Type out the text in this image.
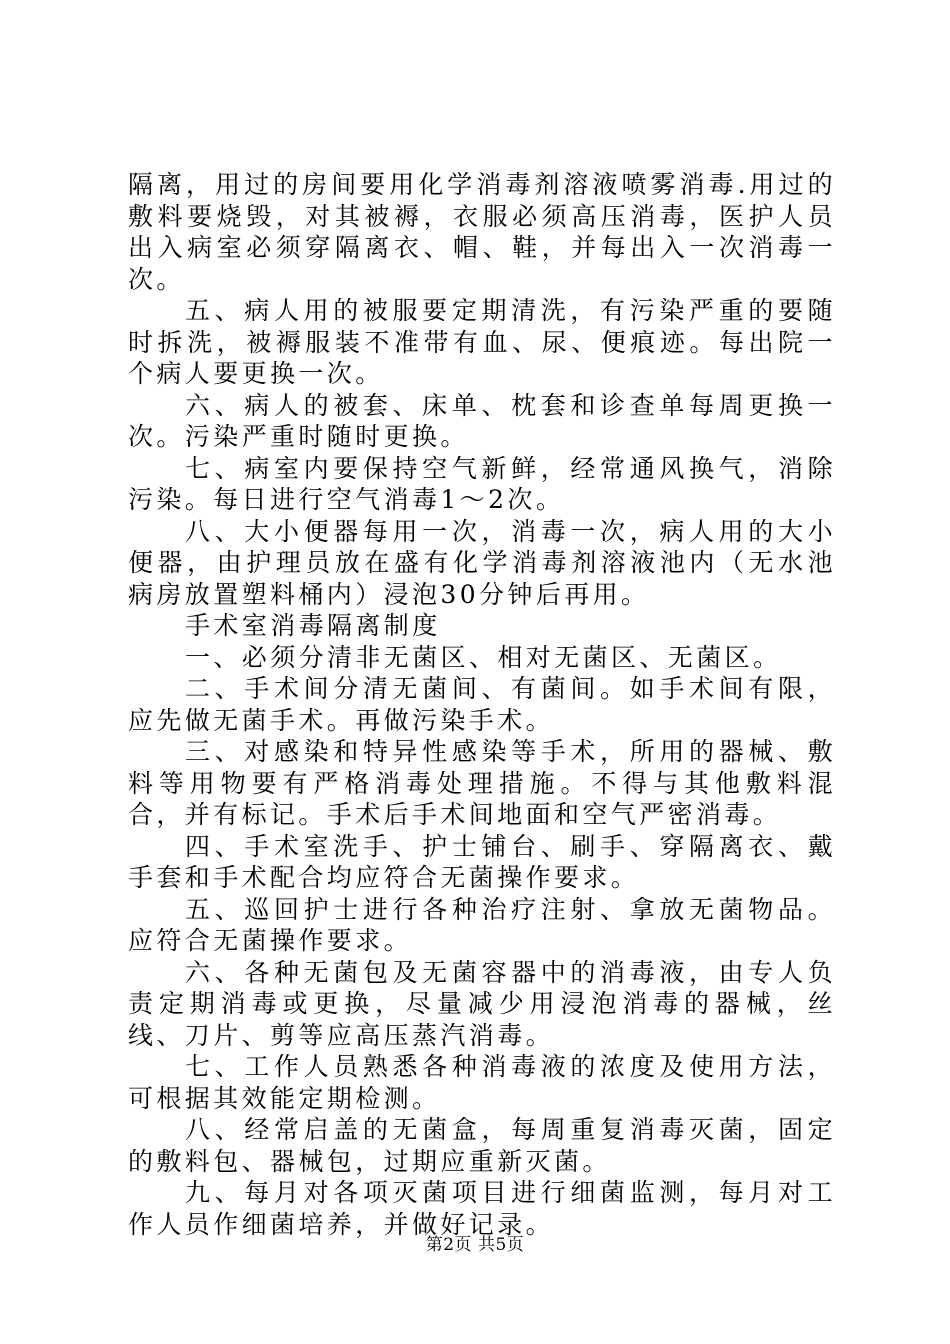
隔离，用过的房间要用化学消毒剂溶液喷雾消毒.用过的敷料要烧毁，对其被褥，衣服必须高压消毒，医护人员出入病室必须穿隔离衣、帽、鞋，并每出入一次消毒一次。

五、病人用的被服要定期清洗，有污染严重的要随时拆洗，被褥服装不准带有血、尿、便痕迹。每出院一个病人要更换一次。

六、病人的被套、床单、枕套和诊查单每周更换一次。污染严重时随时更换。

七、病室内要保持空气新鲜，经常通风换气，消除污染。每日进行空气消毒1～2次。

八、大小便器每用一次，消毒一次，病人用的大小便器，由护理员放在盛有化学消毒剂溶液池内（无水池病房放置塑料桶内）浸泡30分钟后再用。

手术室消毒隔离制度

一、必须分清非无菌区、相对无菌区、无菌区。

二、手术间分清无菌间、有菌间。如手术间有限，应先做无菌手术。再做污染手术。

三、对感染和特异性感染等手术，所用的器械、敷料等用物要有严格消毒处理措施。不得与其他敷料混合，并有标记。手术后手术间地面和空气严密消毒。

四、手术室洗手、护士铺台、刷手、穿隔离衣、戴手套和手术配合均应符合无菌操作要求。

五、巡回护士进行各种治疗注射、拿放无菌物品。应符合无菌操作要求。

六、各种无菌包及无菌容器中的消毒液，由专人负责定期消毒或更换，尽量减少用浸泡消毒的器械，丝线、刀片、剪等应高压蒸汽消毒。

七、工作人员熟悉各种消毒液的浓度及使用方法，可根据其效能定期检测。

八、经常启盖的无菌盒，每周重复消毒灭菌，固定的敷料包、器械包，过期应重新灭菌。

九、每月对各项灭菌项目进行细菌监测，每月对工作人员作细菌培养，并做好记录。

第2页 共5页
